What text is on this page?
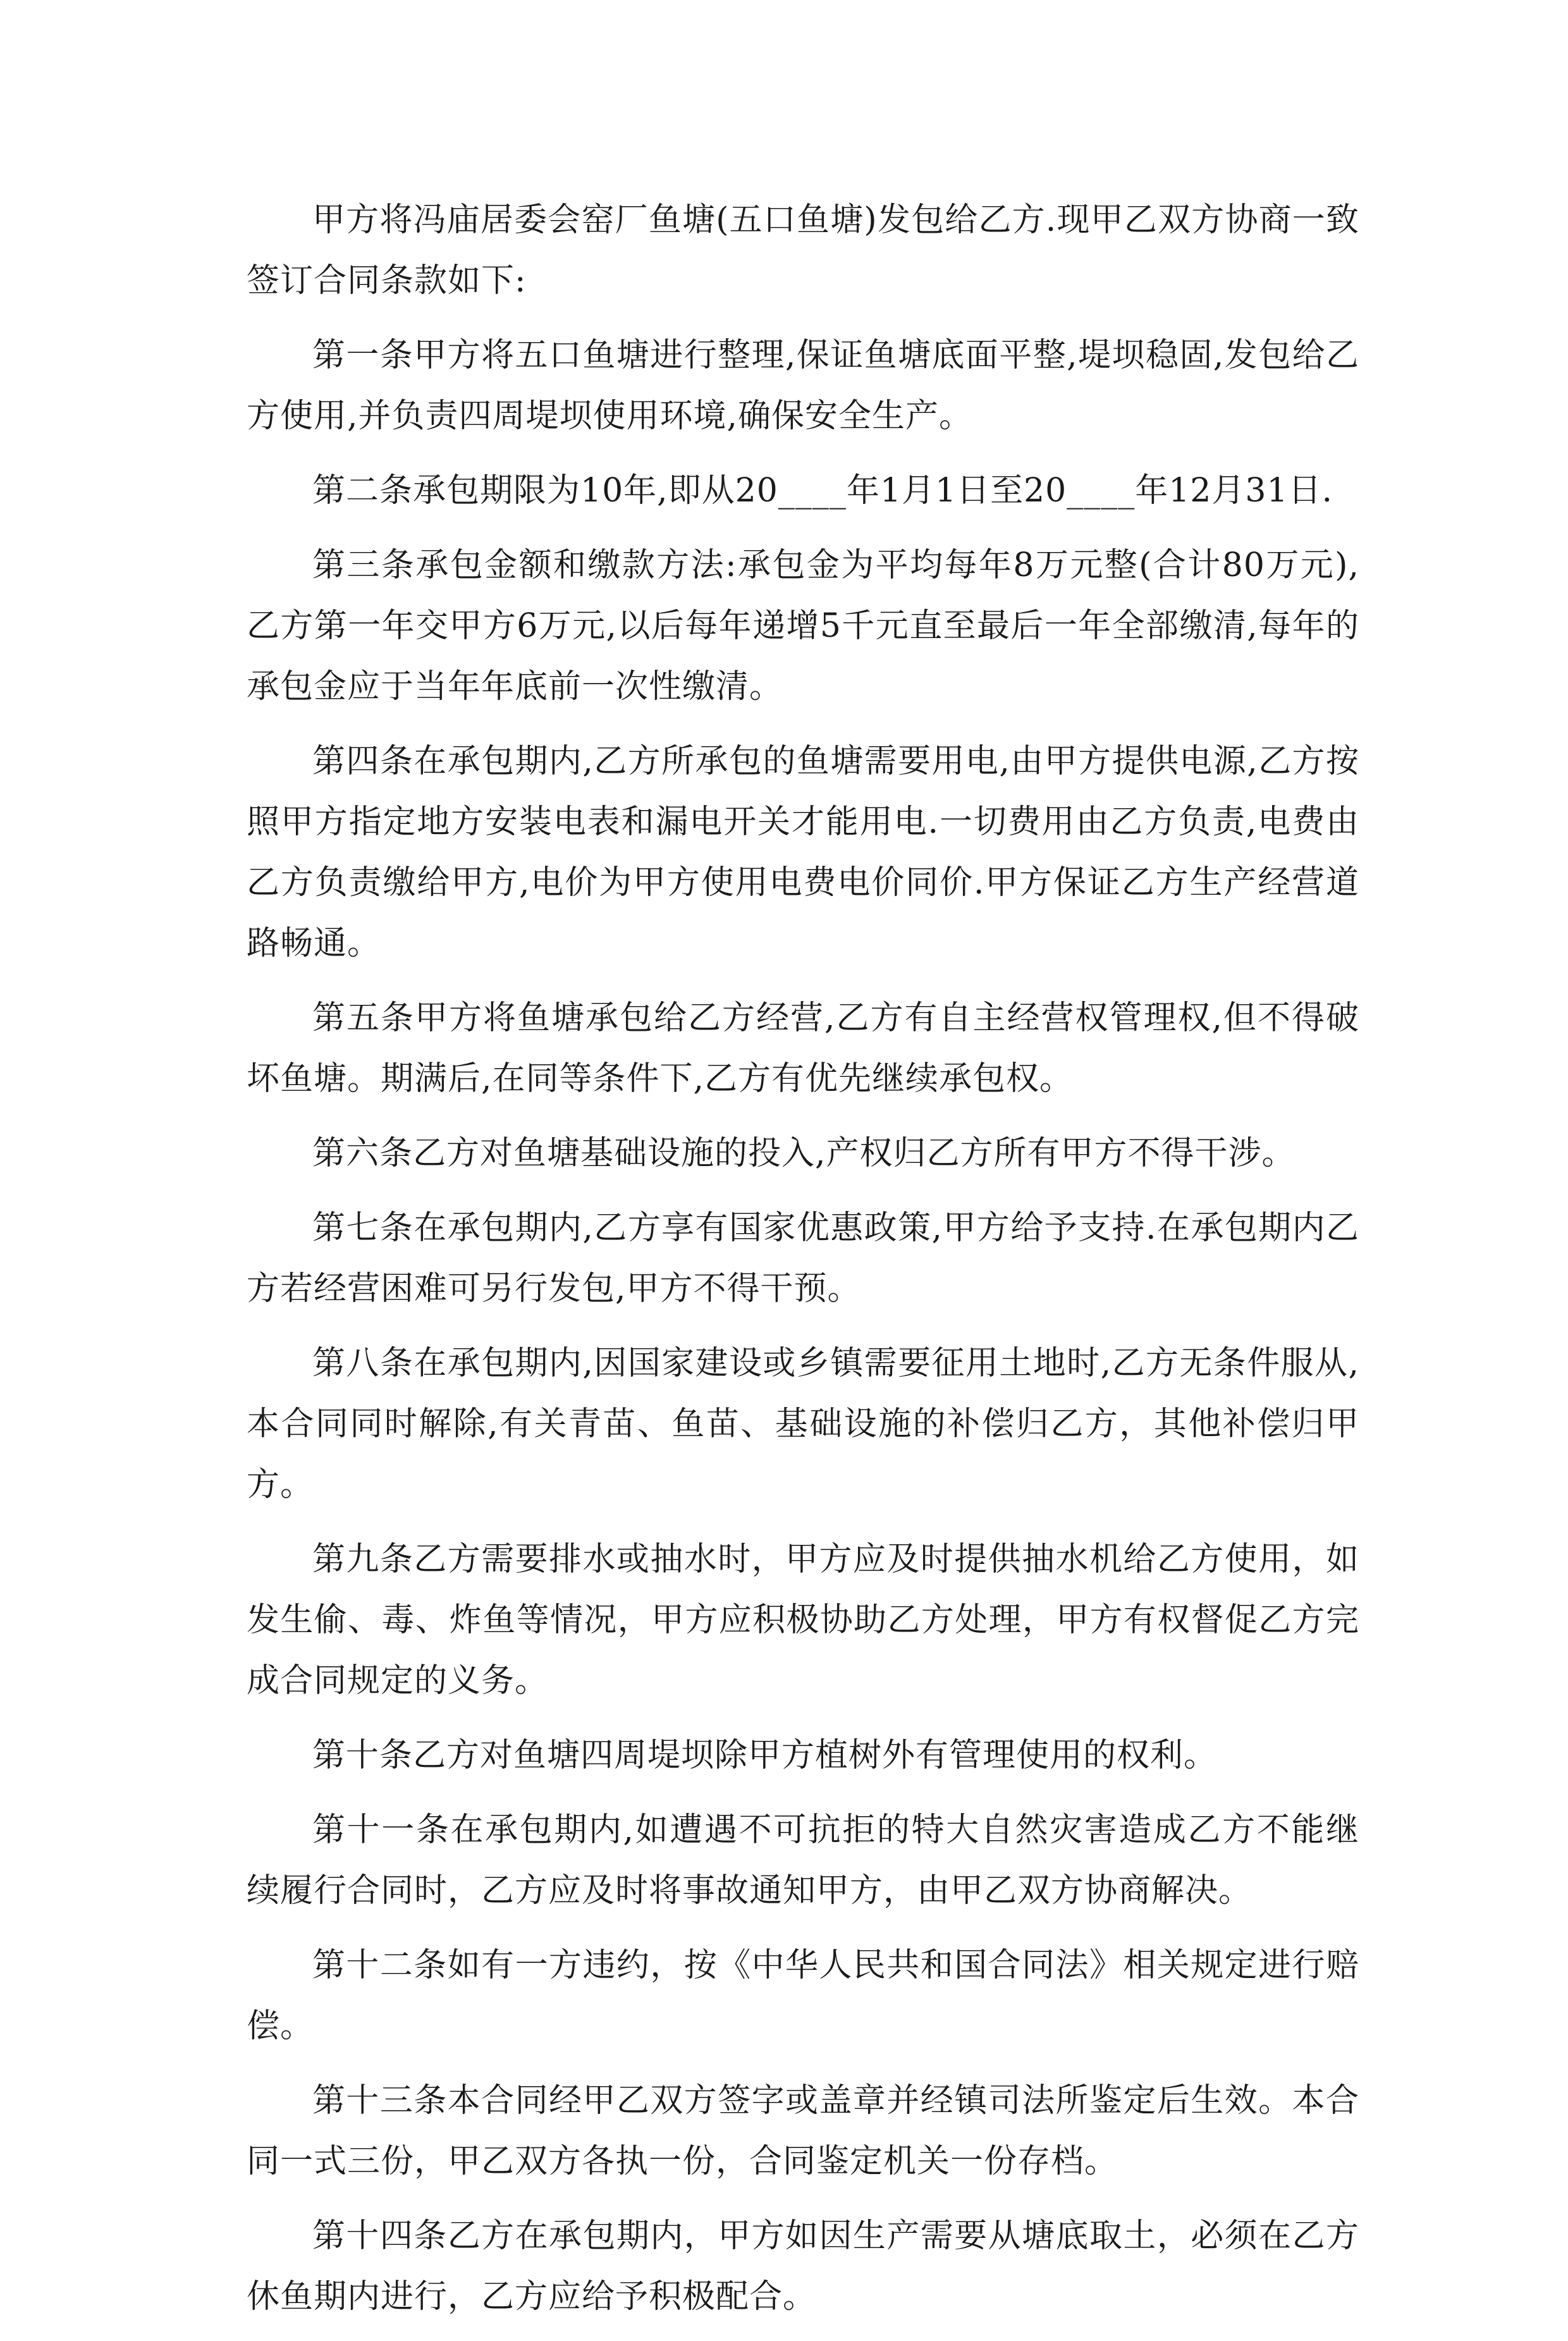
甲方将冯庙居委会窑厂鱼塘(五口鱼塘)发包给乙方.现甲乙双方协商一致签订合同条款如下:

第一条甲方将五口鱼塘进行整理,保证鱼塘底面平整,堤坝稳固,发包给乙方使用,并负责四周堤坝使用环境,确保安全生产。

第二条承包期限为10年,即从20____年1月1日至20____年12月31日.

第三条承包金额和缴款方法:承包金为平均每年8万元整(合计80万元),乙方第一年交甲方6万元,以后每年递增5千元直至最后一年全部缴清,每年的承包金应于当年年底前一次性缴清。

第四条在承包期内,乙方所承包的鱼塘需要用电,由甲方提供电源,乙方按照甲方指定地方安装电表和漏电开关才能用电.一切费用由乙方负责,电费由乙方负责缴给甲方,电价为甲方使用电费电价同价.甲方保证乙方生产经营道路畅通。

第五条甲方将鱼塘承包给乙方经营,乙方有自主经营权管理权,但不得破坏鱼塘。期满后,在同等条件下,乙方有优先继续承包权。

第六条乙方对鱼塘基础设施的投入,产权归乙方所有甲方不得干涉。

第七条在承包期内,乙方享有国家优惠政策,甲方给予支持.在承包期内乙方若经营困难可另行发包,甲方不得干预。

第八条在承包期内,因国家建设或乡镇需要征用土地时,乙方无条件服从,本合同同时解除,有关青苗、鱼苗、基础设施的补偿归乙方，其他补偿归甲方。

第九条乙方需要排水或抽水时，甲方应及时提供抽水机给乙方使用，如发生偷、毒、炸鱼等情况，甲方应积极协助乙方处理，甲方有权督促乙方完成合同规定的义务。

第十条乙方对鱼塘四周堤坝除甲方植树外有管理使用的权利。

第十一条在承包期内,如遭遇不可抗拒的特大自然灾害造成乙方不能继续履行合同时，乙方应及时将事故通知甲方，由甲乙双方协商解决。

第十二条如有一方违约，按《中华人民共和国合同法》相关规定进行赔偿。

第十三条本合同经甲乙双方签字或盖章并经镇司法所鉴定后生效。本合同一式三份，甲乙双方各执一份，合同鉴定机关一份存档。

第十四条乙方在承包期内，甲方如因生产需要从塘底取土，必须在乙方休鱼期内进行，乙方应给予积极配合。
